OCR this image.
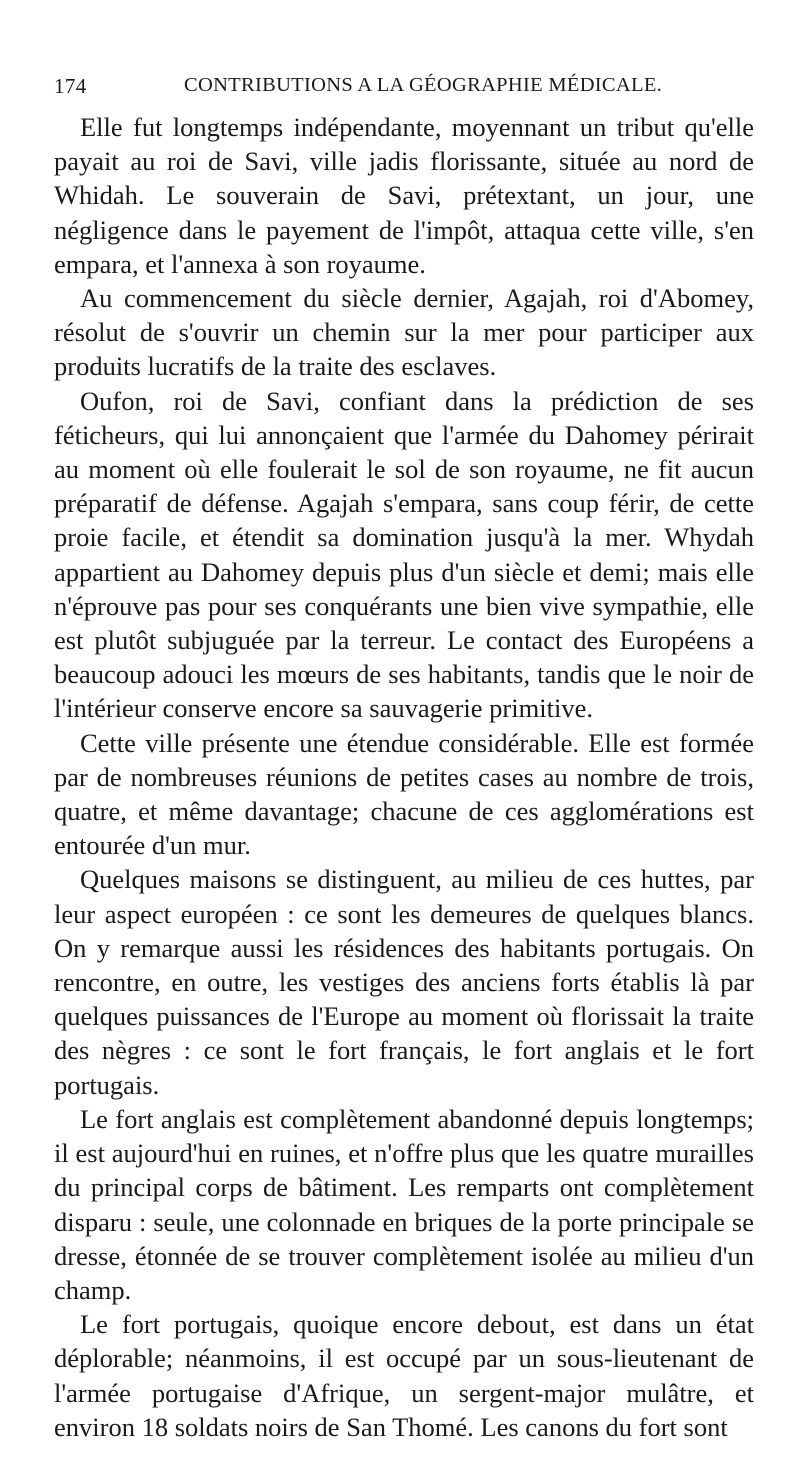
174	CONTRIBUTIONS A LA GÉOGRAPHIE MÉDICALE.

Elle fut longtemps indépendante, moyennant un tribut qu'elle payait au roi de Savi, ville jadis florissante, située au nord de Whidah. Le souverain de Savi, prétextant, un jour, une négligence dans le payement de l'impôt, attaqua cette ville, s'en empara, et l'annexa à son royaume.

Au commencement du siècle dernier, Agajah, roi d'Abomey, résolut de s'ouvrir un chemin sur la mer pour participer aux produits lucratifs de la traite des esclaves.

Oufon, roi de Savi, confiant dans la prédiction de ses féticheurs, qui lui annonçaient que l'armée du Dahomey périrait au moment où elle foulerait le sol de son royaume, ne fit aucun préparatif de défense. Agajah s'empara, sans coup férir, de cette proie facile, et étendit sa domination jusqu'à la mer. Whydah appartient au Dahomey depuis plus d'un siècle et demi; mais elle n'éprouve pas pour ses conquérants une bien vive sympathie, elle est plutôt subjuguée par la terreur. Le contact des Européens a beaucoup adouci les mœurs de ses habitants, tandis que le noir de l'intérieur conserve encore sa sauvagerie primitive.

Cette ville présente une étendue considérable. Elle est formée par de nombreuses réunions de petites cases au nombre de trois, quatre, et même davantage; chacune de ces agglomérations est entourée d'un mur.

Quelques maisons se distinguent, au milieu de ces huttes, par leur aspect européen : ce sont les demeures de quelques blancs. On y remarque aussi les résidences des habitants portugais. On rencontre, en outre, les vestiges des anciens forts établis là par quelques puissances de l'Europe au moment où florissait la traite des nègres : ce sont le fort français, le fort anglais et le fort portugais.

Le fort anglais est complètement abandonné depuis longtemps; il est aujourd'hui en ruines, et n'offre plus que les quatre murailles du principal corps de bâtiment. Les remparts ont complètement disparu : seule, une colonnade en briques de la porte principale se dresse, étonnée de se trouver complètement isolée au milieu d'un champ.

Le fort portugais, quoique encore debout, est dans un état déplorable; néanmoins, il est occupé par un sous-lieutenant de l'armée portugaise d'Afrique, un sergent-major mulâtre, et environ 18 soldats noirs de San Thomé. Les canons du fort sont
